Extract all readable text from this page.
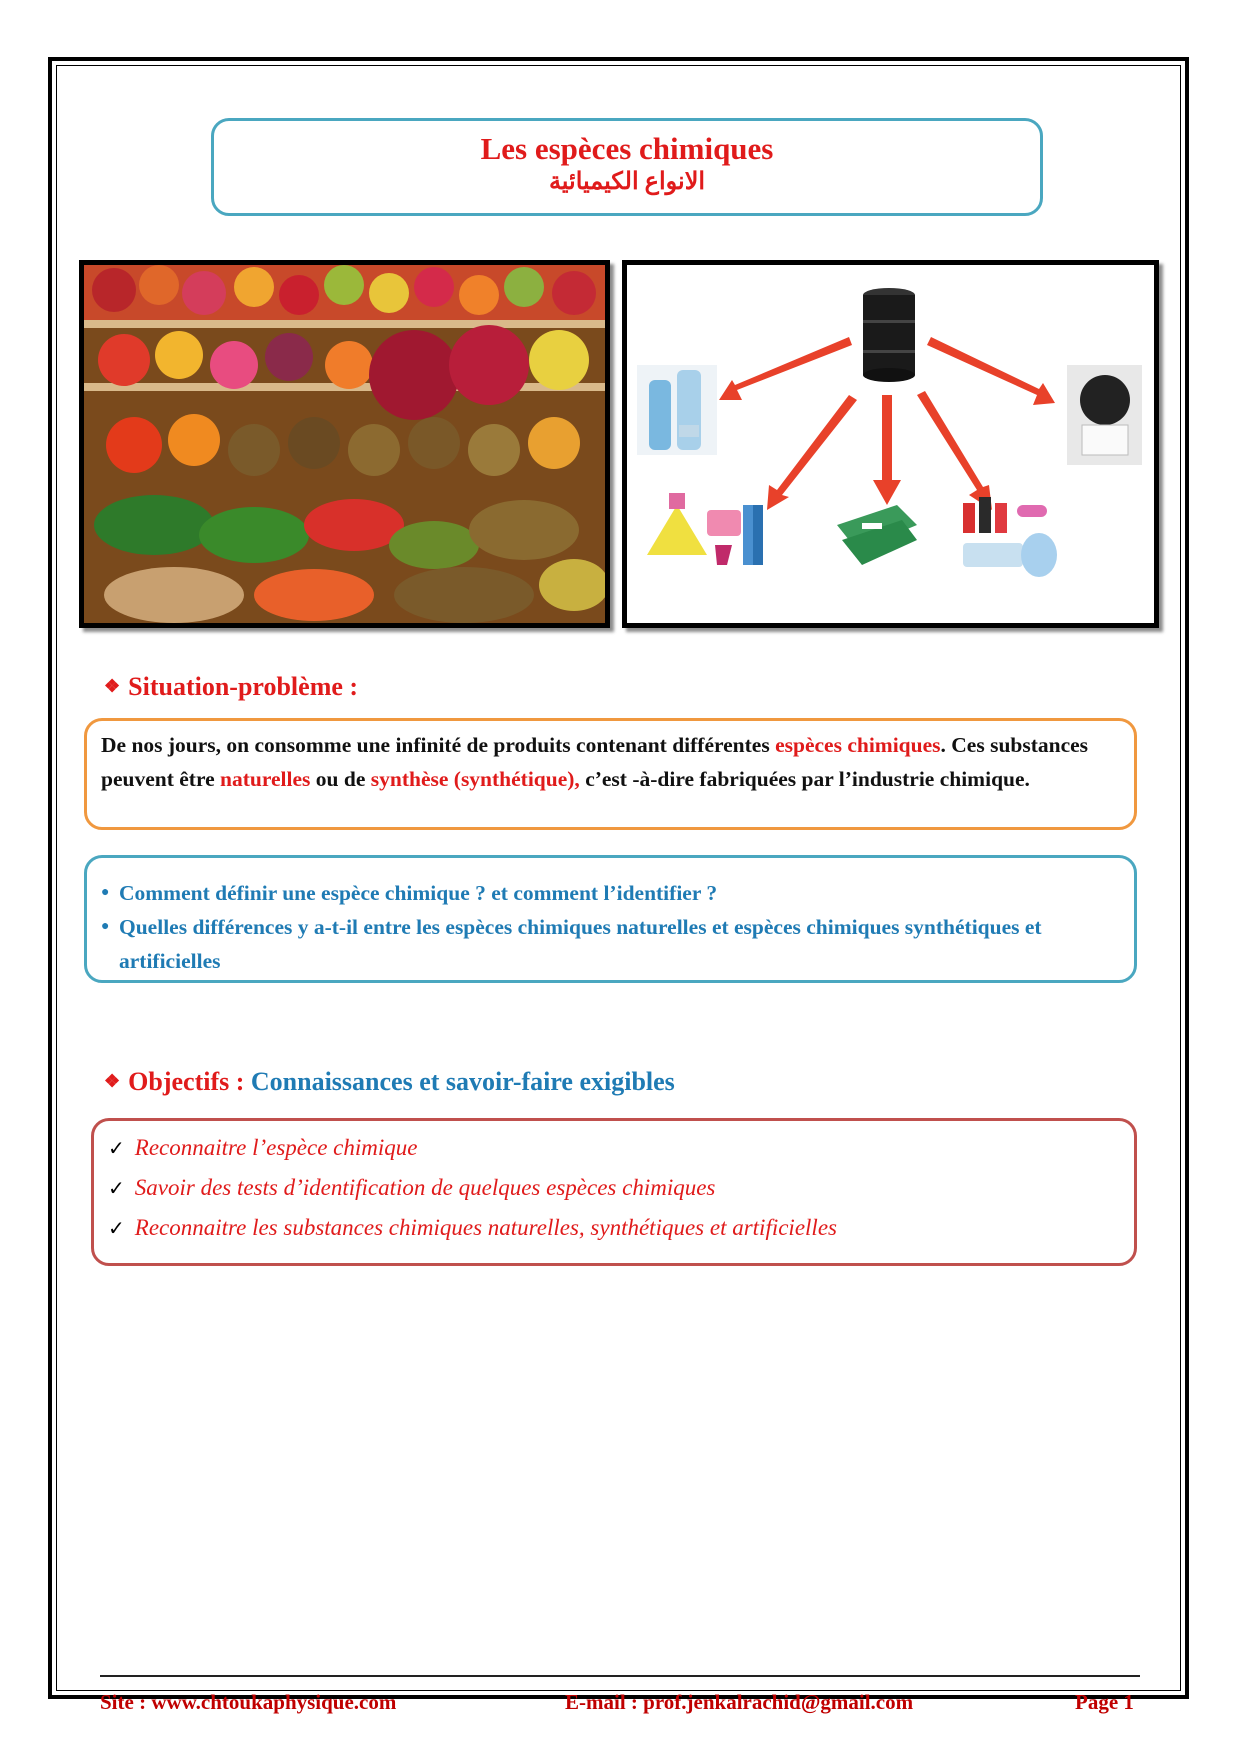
Les espèces chimiques
الانواع الكيميائية
❖ Situation-problème :
De nos jours, on consomme une infinité de produits contenant différentes espèces chimiques. Ces substances peuvent être naturelles ou de synthèse (synthétique), c’est -à-dire fabriquées par l’industrie chimique.
● Comment définir une espèce chimique ? et comment l’identifier ?
● Quelles différences y a-t-il entre les espèces chimiques naturelles et espèces chimiques synthétiques et artificielles
❖ Objectifs : Connaissances et savoir-faire exigibles
✓ Reconnaitre l’espèce chimique
✓ Savoir des tests d’identification de quelques espèces chimiques
✓ Reconnaitre les substances chimiques naturelles, synthétiques et artificielles
Site : www.chtoukaphysique.com	E-mail : prof.jenkalrachid@gmail.com	Page 1
